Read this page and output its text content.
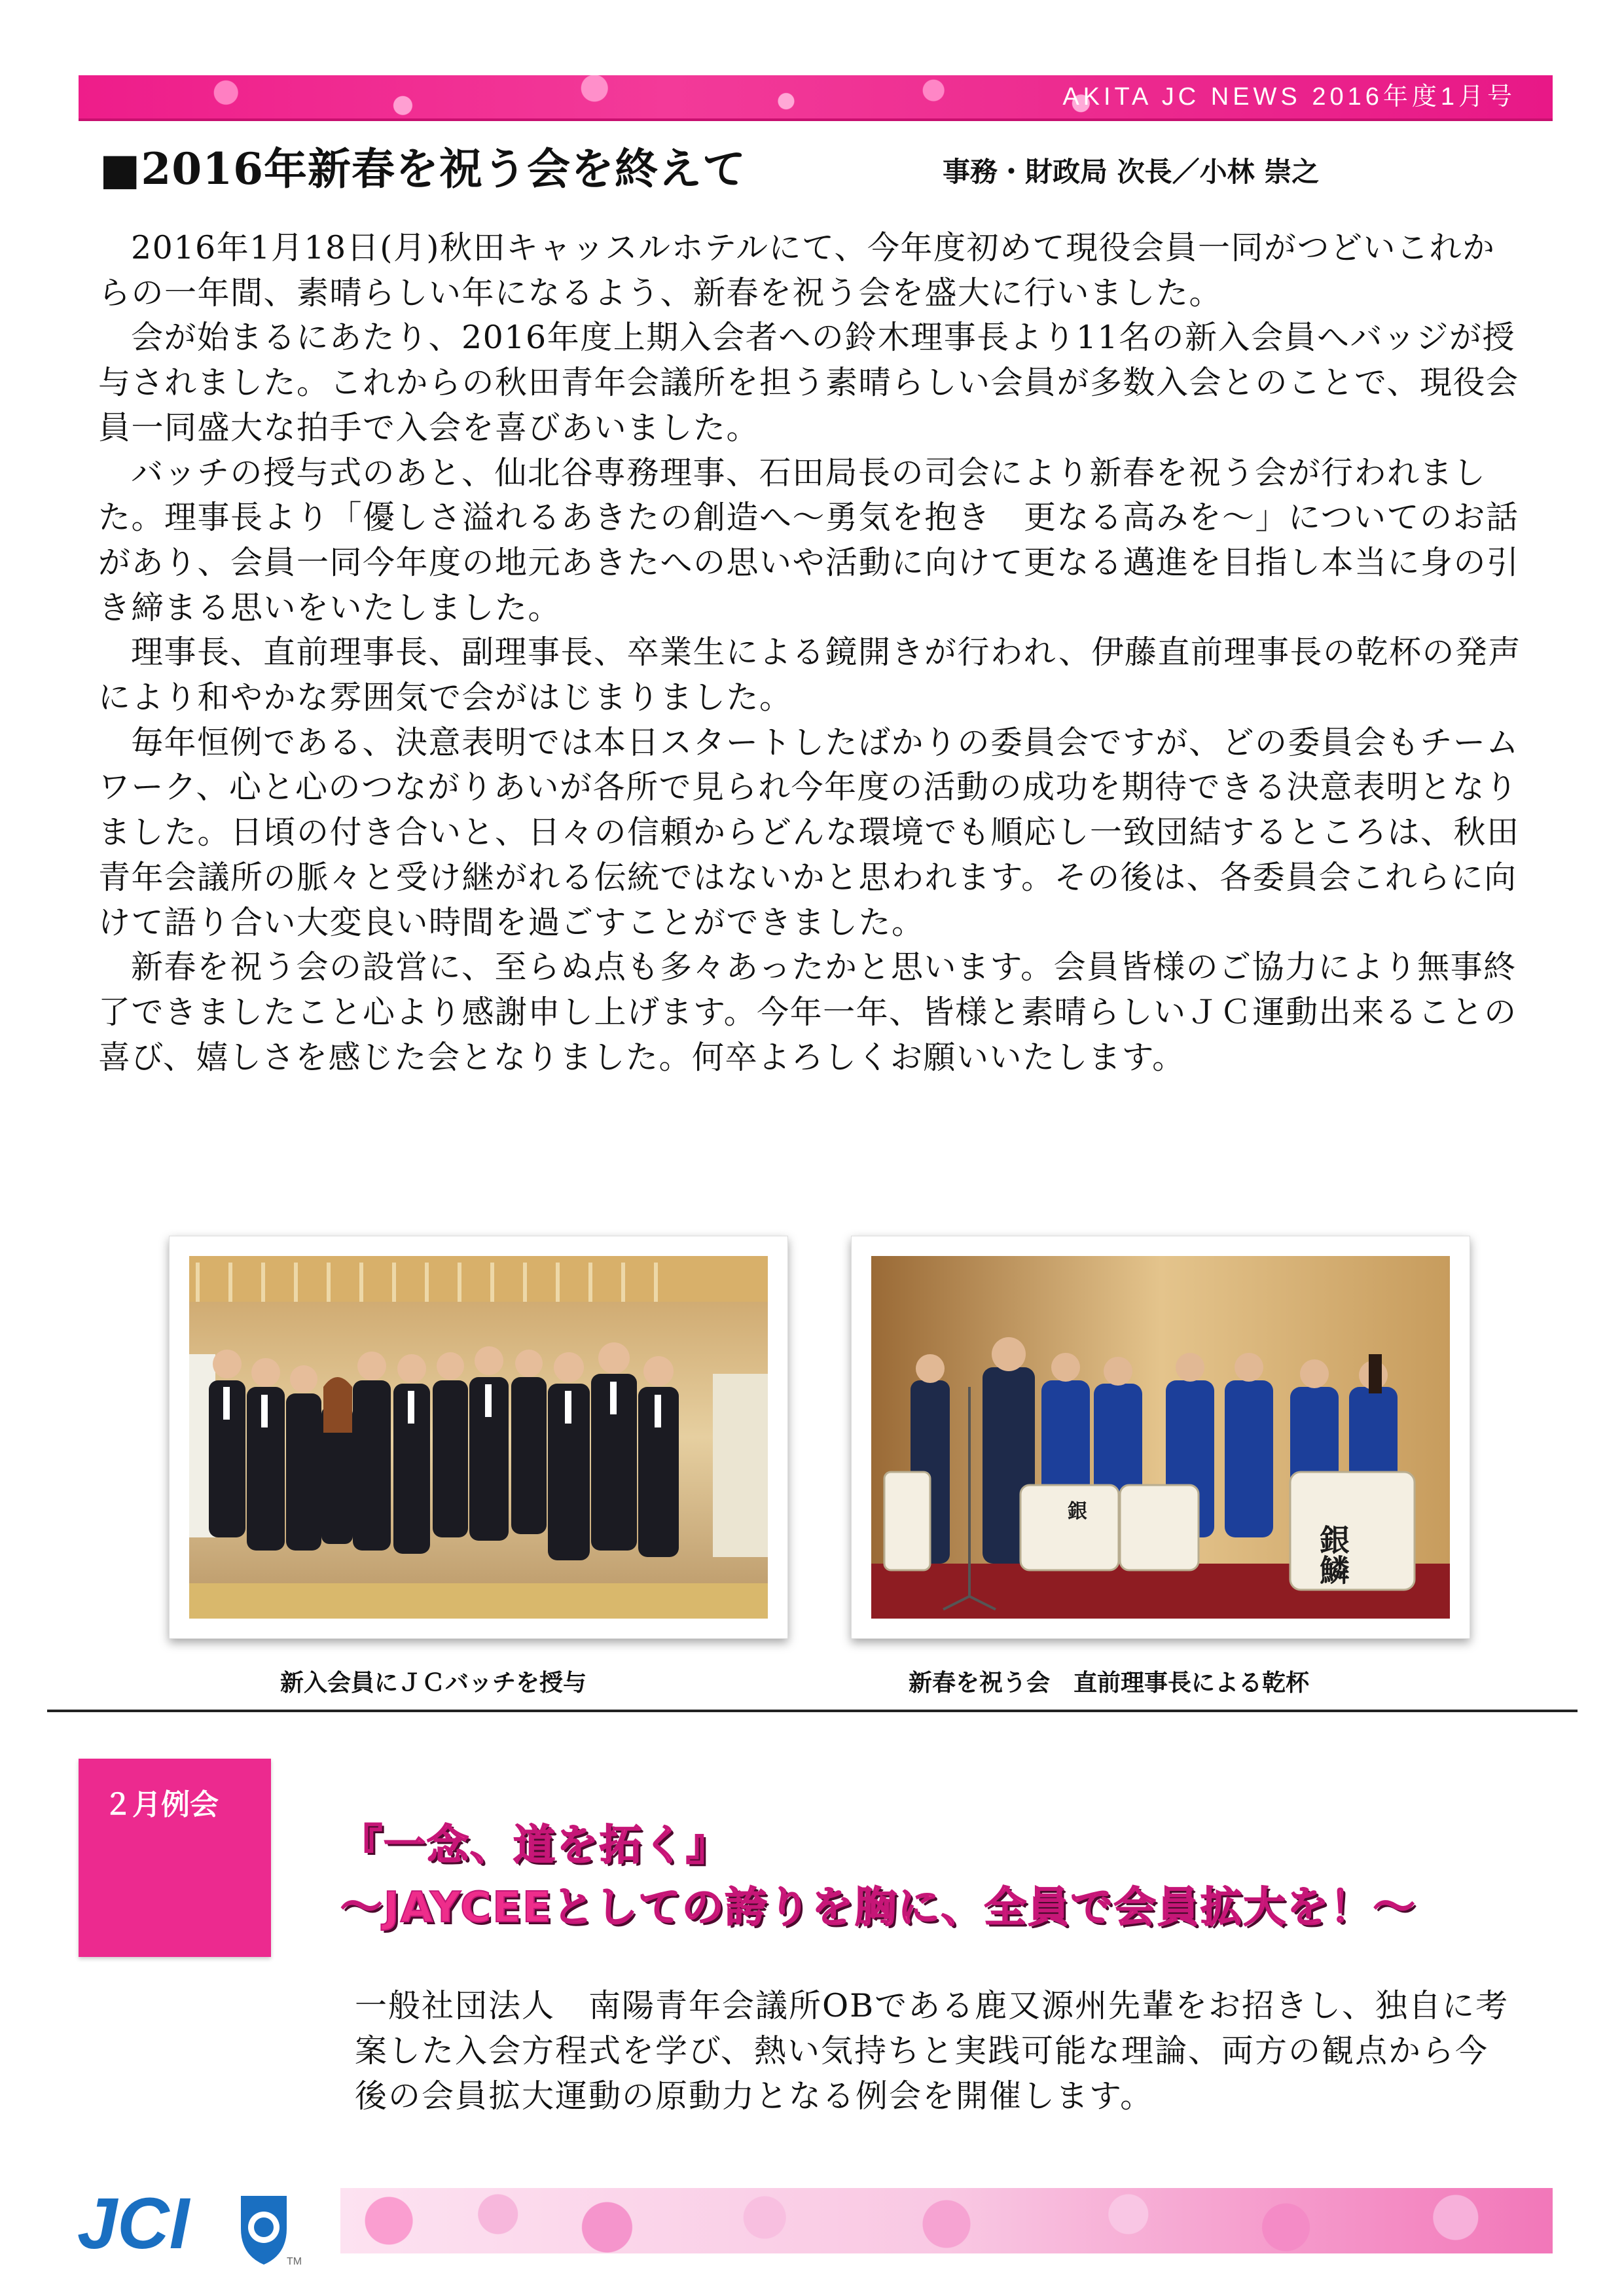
AKITA JC NEWS 2016年度1月号
■2016年新春を祝う会を終えて	事務・財政局 次長／小林 崇之

2016年1月18日(月)秋田キャッスルホテルにて、今年度初めて現役会員一同がつどいこれからの一年間、素晴らしい年になるよう、新春を祝う会を盛大に行いました。

会が始まるにあたり、2016年度上期入会者への鈴木理事長より11名の新入会員へバッジが授与されました。これからの秋田青年会議所を担う素晴らしい会員が多数入会とのことで、現役会員一同盛大な拍手で入会を喜びあいました。

バッチの授与式のあと、仙北谷専務理事、石田局長の司会により新春を祝う会が行われました。理事長より「優しさ溢れるあきたの創造へ～勇気を抱き　更なる高みを～」についてのお話があり、会員一同今年度の地元あきたへの思いや活動に向けて更なる邁進を目指し本当に身の引き締まる思いをいたしました。

理事長、直前理事長、副理事長、卒業生による鏡開きが行われ、伊藤直前理事長の乾杯の発声により和やかな雰囲気で会がはじまりました。

毎年恒例である、決意表明では本日スタートしたばかりの委員会ですが、どの委員会もチームワーク、心と心のつながりあいが各所で見られ今年度の活動の成功を期待できる決意表明となりました。日頃の付き合いと、日々の信頼からどんな環境でも順応し一致団結するところは、秋田青年会議所の脈々と受け継がれる伝統ではないかと思われます。その後は、各委員会これらに向けて語り合い大変良い時間を過ごすことができました。

新春を祝う会の設営に、至らぬ点も多々あったかと思います。会員皆様のご協力により無事終了できましたこと心より感謝申し上げます。今年一年、皆様と素晴らしいＪＣ運動出来ることの喜び、嬉しさを感じた会となりました。何卒よろしくお願いいたします。

新入会員にＪＣバッチを授与
銀
銀鱗
新春を祝う会　直前理事長による乾杯
２月例会
『一念、道を拓く』
～JAYCEEとしての誇りを胸に、全員で会員拡大を！～
一般社団法人　南陽青年会議所OBである鹿又源州先輩をお招きし、独自に考案した入会方程式を学び、熱い気持ちと実践可能な理論、両方の観点から今後の会員拡大運動の原動力となる例会を開催します。
JCI	TM
